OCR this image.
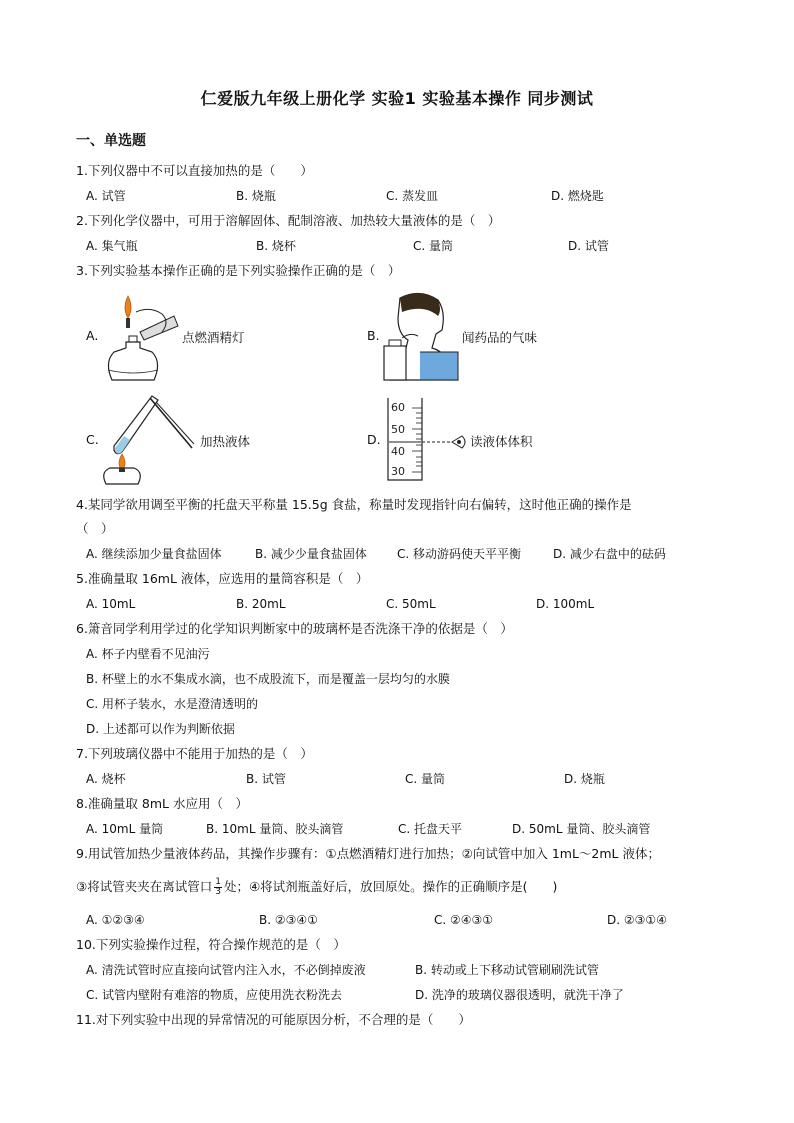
仁爱版九年级上册化学 实验1 实验基本操作 同步测试
一、单选题
1.下列仪器中不可以直接加热的是（　　）
A. 试管	B. 烧瓶	C. 蒸发皿	D. 燃烧匙
2.下列化学仪器中，可用于溶解固体、配制溶液、加热较大量液体的是（　）
A. 集气瓶	B. 烧杯	C. 量筒	D. 试管
3.下列实验基本操作正确的是下列实验操作正确的是（　）
A.	点燃酒精灯	B.	闻药品的气味
C.	加热液体	D.
60
50
40
30
读液体体积
4.某同学欲用调至平衡的托盘天平称量 15.5g 食盐，称量时发现指针向右偏转，这时他正确的操作是
（　）
A. 继续添加少量食盐固体	B. 减少少量食盐固体	C. 移动游码使天平平衡	D. 减少右盘中的砝码
5.准确量取 16mL 液体，应选用的量筒容积是（　）
A. 10mL	B. 20mL	C. 50mL	D. 100mL
6.箫音同学利用学过的化学知识判断家中的玻璃杯是否洗涤干净的依据是（　）
A. 杯子内壁看不见油污
B. 杯壁上的水不集成水滴，也不成股流下，而是覆盖一层均匀的水膜
C. 用杯子装水，水是澄清透明的
D. 上述都可以作为判断依据
7.下列玻璃仪器中不能用于加热的是（　）
A. 烧杯	B. 试管	C. 量筒	D. 烧瓶
8.准确量取 8mL 水应用（　）
A. 10mL 量筒	B. 10mL 量筒、胶头滴管	C. 托盘天平	D. 50mL 量筒、胶头滴管
9.用试管加热少量液体药品，其操作步骤有：①点燃酒精灯进行加热；②向试管中加入 1mL～2mL 液体；
③将试管夹夹在离试管口 $\frac{1}{3}$ 处；④将试剂瓶盖好后，放回原处。操作的正确顺序是(　　)
A. ①②③④	B. ②③④①	C. ②④③①	D. ②③①④
10.下列实验操作过程，符合操作规范的是（　）
A. 清洗试管时应直接向试管内注入水，不必倒掉废液	B. 转动或上下移动试管刷刷洗试管
C. 试管内壁附有难溶的物质，应使用洗衣粉洗去	D. 洗净的玻璃仪器很透明，就洗干净了
11.对下列实验中出现的异常情况的可能原因分析，不合理的是（　　）
